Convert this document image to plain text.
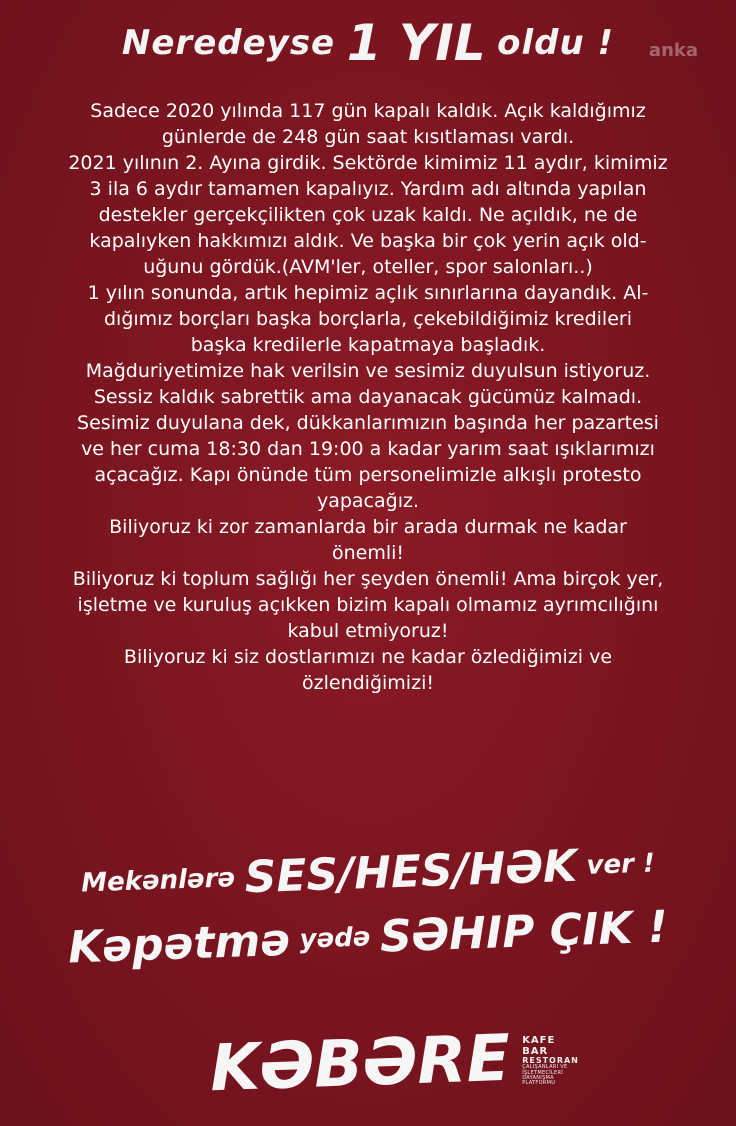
Neredeyse 1 YIL oldu !	anka
Sadece 2020 yılında 117 gün kapalı kaldık. Açık kaldığımız
günlerde de 248 gün saat kısıtlaması vardı.
2021 yılının 2. Ayına girdik. Sektörde kimimiz 11 aydır, kimimiz
3 ila 6 aydır tamamen kapalıyız. Yardım adı altında yapılan
destekler gerçekçilikten çok uzak kaldı. Ne açıldık, ne de
kapalıyken hakkımızı aldık. Ve başka bir çok yerin açık old-
uğunu gördük.(AVM'ler, oteller, spor salonları..)
1 yılın sonunda, artık hepimiz açlık sınırlarına dayandık. Al-
dığımız borçları başka borçlarla, çekebildiğimiz kredileri
başka kredilerle kapatmaya başladık.
Mağduriyetimize hak verilsin ve sesimiz duyulsun istiyoruz.
Sessiz kaldık sabrettik ama dayanacak gücümüz kalmadı.
Sesimiz duyulana dek, dükkanlarımızın başında her pazartesi
ve her cuma 18:30 dan 19:00 a kadar yarım saat ışıklarımızı
açacağız. Kapı önünde tüm personelimizle alkışlı protesto
yapacağız.
Biliyoruz ki zor zamanlarda bir arada durmak ne kadar
önemli!
Biliyoruz ki toplum sağlığı her şeyden önemli! Ama birçok yer,
işletme ve kuruluş açıkken bizim kapalı olmamız ayrımcılığını
kabul etmiyoruz!
Biliyoruz ki siz dostlarımızı ne kadar özlediğimizi ve
özlendiğimizi!
Mekənlərə SES/HES/HƏK ver !
Kəpətmə yədə SƏHIP ÇIK !
KƏBƏRE KAFE
BAR
RESTORAN
ÇALIŞANLARI VE
İŞLETMECİLERİ
DAYANIŞMA
PLATFORMU
